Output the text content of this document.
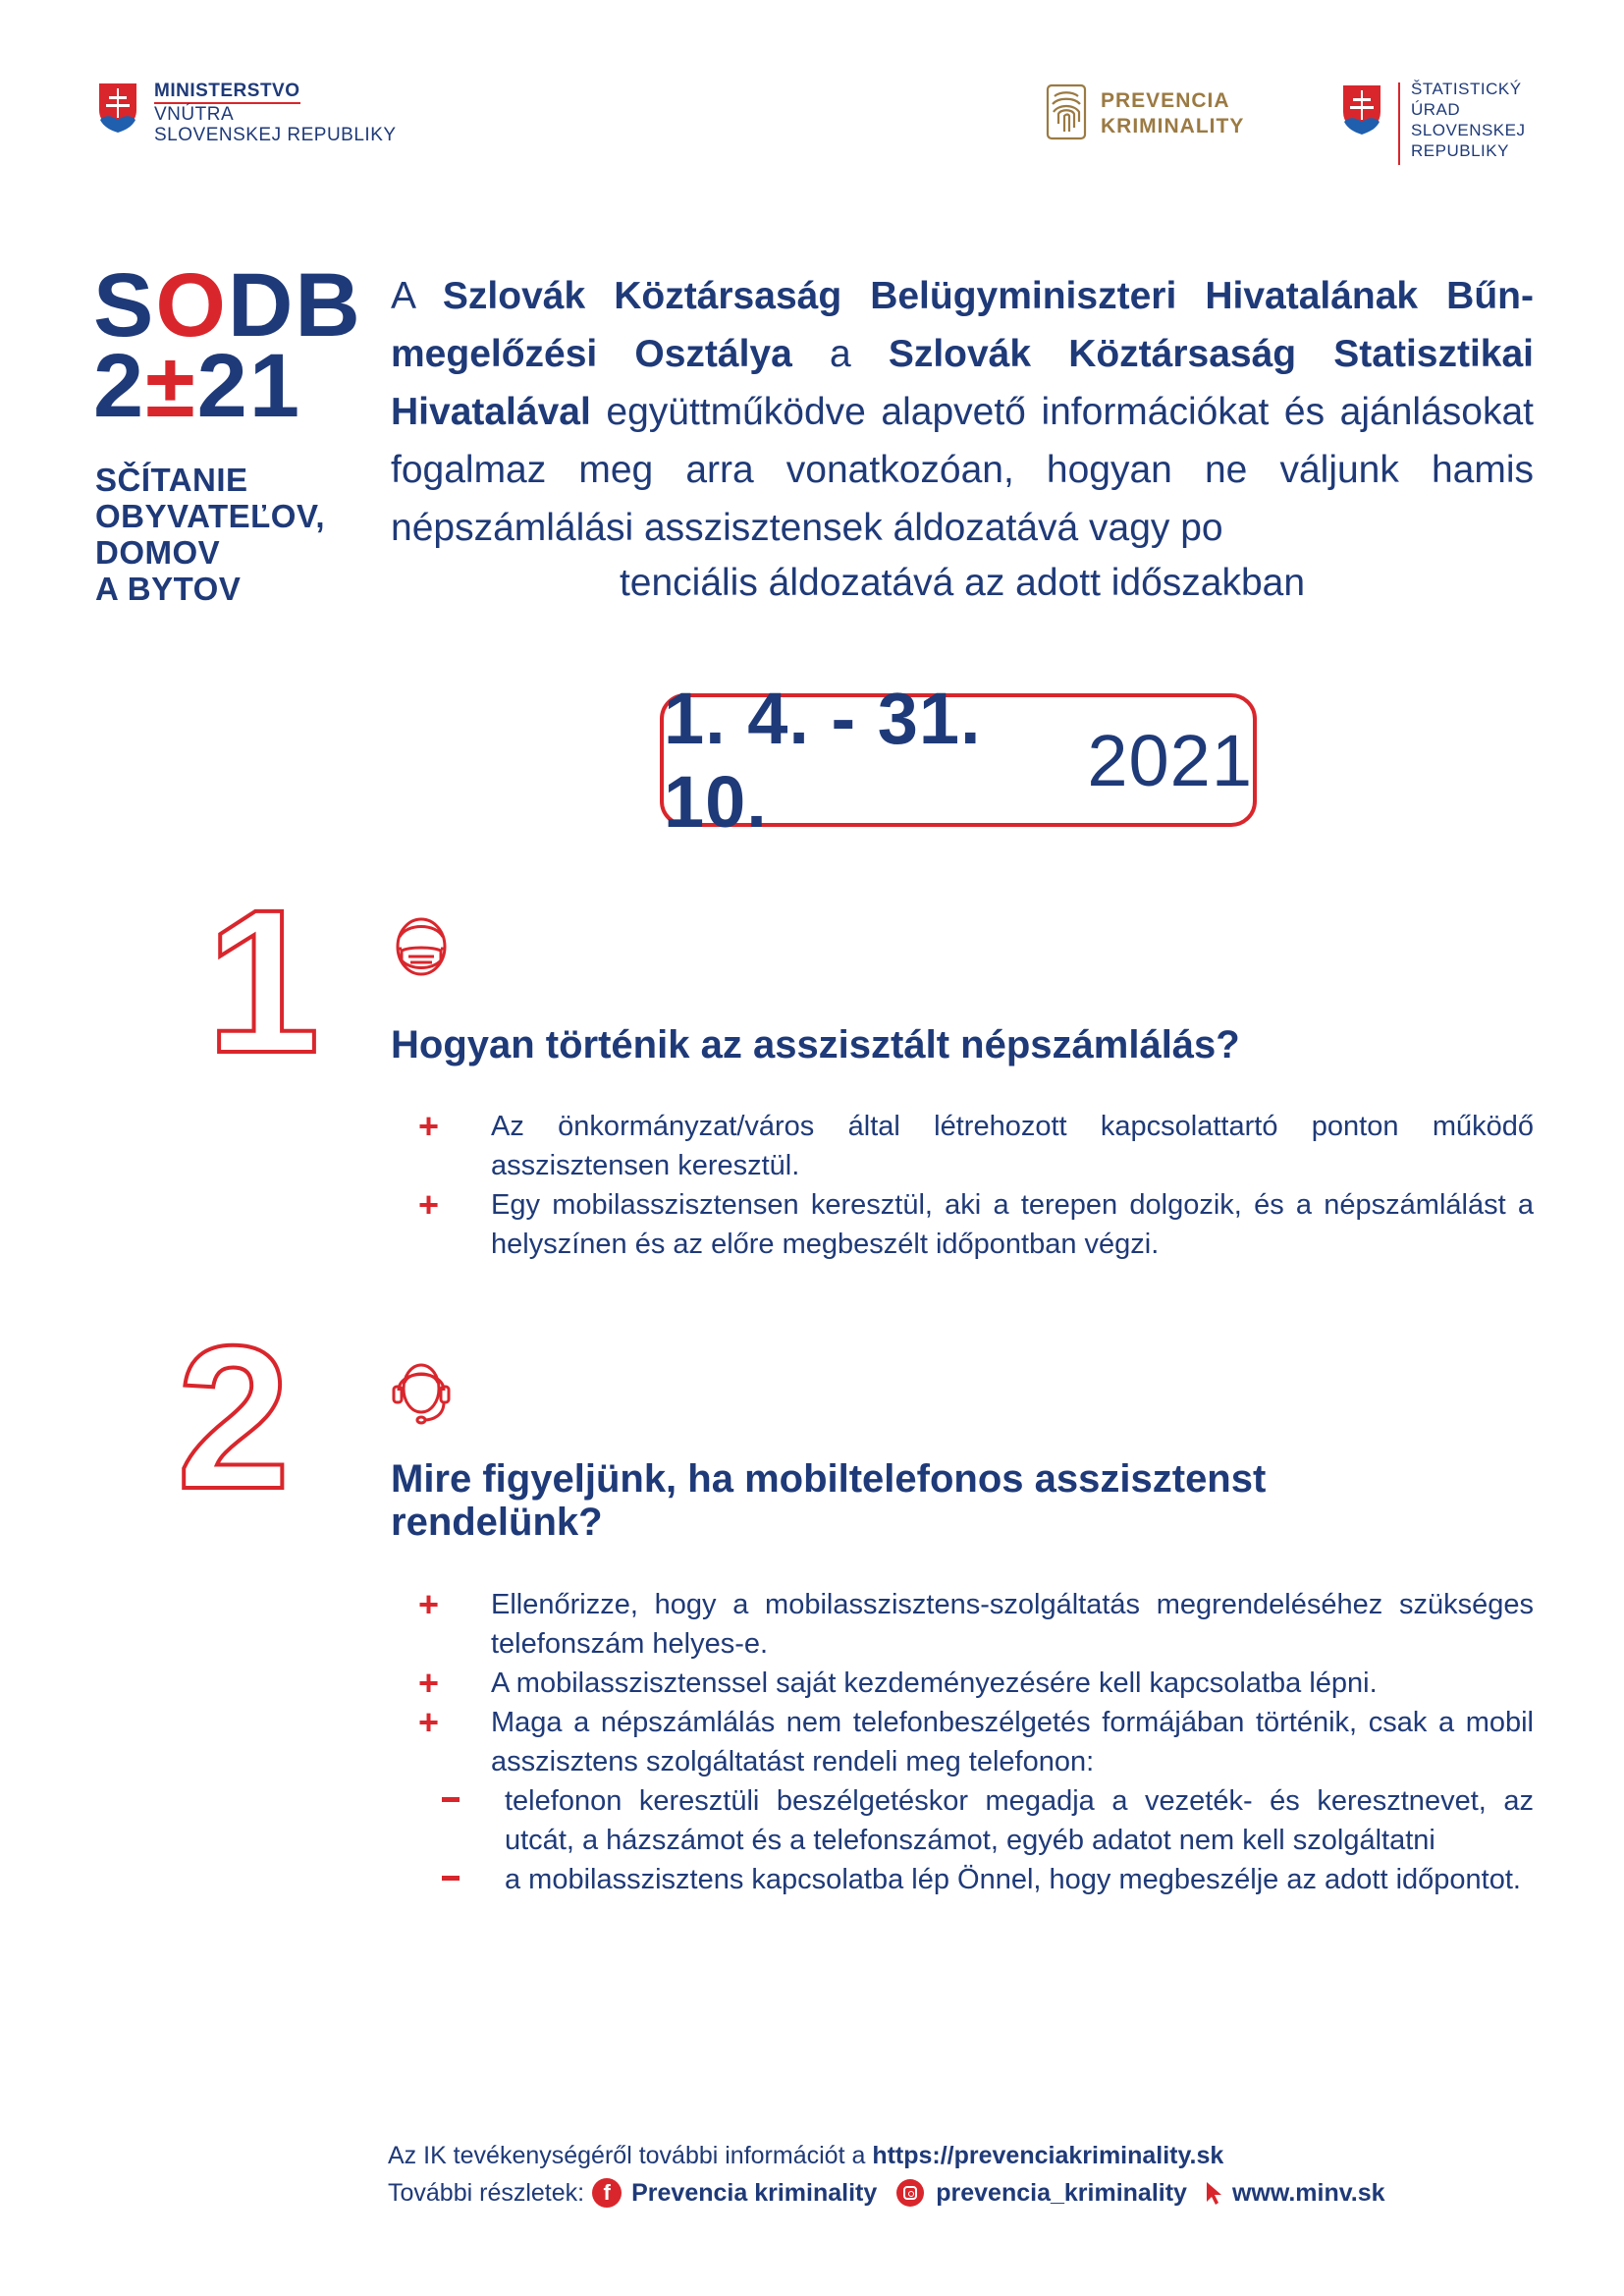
MINISTERSTVO
VNÚTRA
SLOVENSKEJ REPUBLIKY
PREVENCIA
KRIMINALITY
ŠTATISTICKÝ
ÚRAD
SLOVENSKEJ
REPUBLIKY
SODB
2±21
SČÍTANIE
OBYVATEĽOV,
DOMOV
A BYTOV
A Szlovák Köztársaság Belügyminiszteri Hivatalának Bűnmegelőzési Osztálya a Szlovák Köztársaság Statisztikai Hivatalával együttműködve alapvető információkat és ajánlásokat fogalmaz meg arra vonatkozóan, hogyan ne váljunk hamis népszámlálási asszisztensek áldozatává vagy po
tenciális áldozatává az adott időszakban
1. 4. - 31. 10.
2021
1 Hogyan történik az asszisztált népszámlálás?
+ Az önkormányzat/város által létrehozott kapcsolattartó ponton működő asszisztensen keresztül.
+ Egy mobilasszisztensen keresztül, aki a terepen dolgozik, és a népszámlálást a helyszínen és az előre megbeszélt időpontban végzi.
2	Mire figyeljünk, ha mobiltelefonos asszisztenst rendelünk?
+ Ellenőrizze, hogy a mobilasszisztens-szolgáltatás megrendeléséhez szükséges telefonszám helyes-e.
+ A mobilasszisztenssel saját kezdeményezésére kell kapcsolatba lépni.
+ Maga a népszámlálás nem telefonbeszélgetés formájában történik, csak a mobil asszisztens szolgáltatást rendeli meg telefonon:
telefonon keresztüli beszélgetéskor megadja a vezeték- és keresztnevet, az utcát, a házszámot és a telefonszámot, egyéb adatot nem kell szolgáltatni
a mobilasszisztens kapcsolatba lép Önnel, hogy megbeszélje az adott időpontot.
Az IK tevékenységéről további információt a https://prevenciakriminality.sk
További részletek: f Prevencia kriminality prevencia_kriminality www.minv.sk
